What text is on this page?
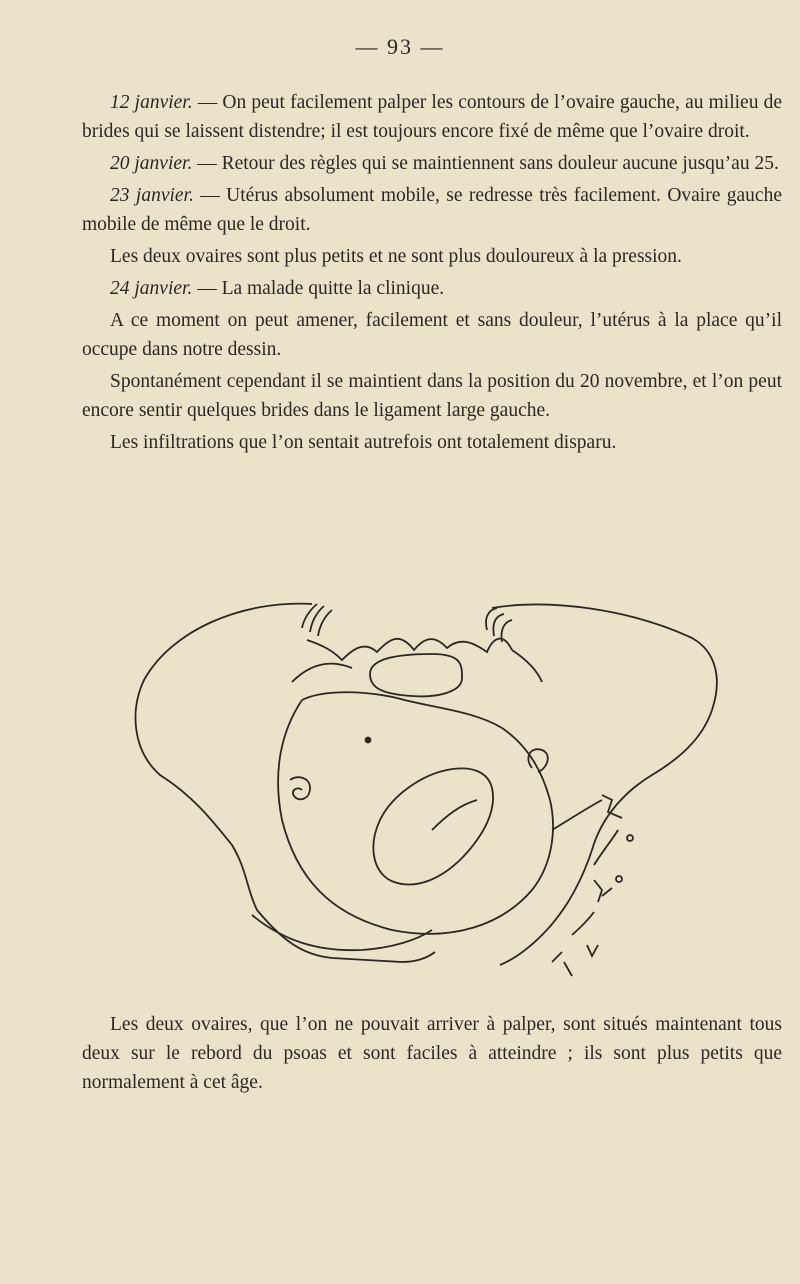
— 93 —

12 janvier. — On peut facilement palper les contours de l’ovaire gauche, au milieu de brides qui se laissent distendre; il est toujours encore fixé de même que l’ovaire droit.

20 janvier. — Retour des règles qui se maintiennent sans douleur aucune jusqu’au 25.

23 janvier. — Utérus absolument mobile, se redresse très facilement. Ovaire gauche mobile de même que le droit.

Les deux ovaires sont plus petits et ne sont plus douloureux à la pression.

24 janvier. — La malade quitte la clinique.

A ce moment on peut amener, facilement et sans douleur, l’utérus à la place qu’il occupe dans notre dessin.

Spontanément cependant il se maintient dans la position du 20 novembre, et l’on peut encore sentir quelques brides dans le ligament large gauche.

Les infiltrations que l’on sentait autrefois ont totalement disparu.

Les deux ovaires, que l’on ne pouvait arriver à palper, sont situés maintenant tous deux sur le rebord du psoas et sont faciles à atteindre ; ils sont plus petits que normalement à cet âge.
